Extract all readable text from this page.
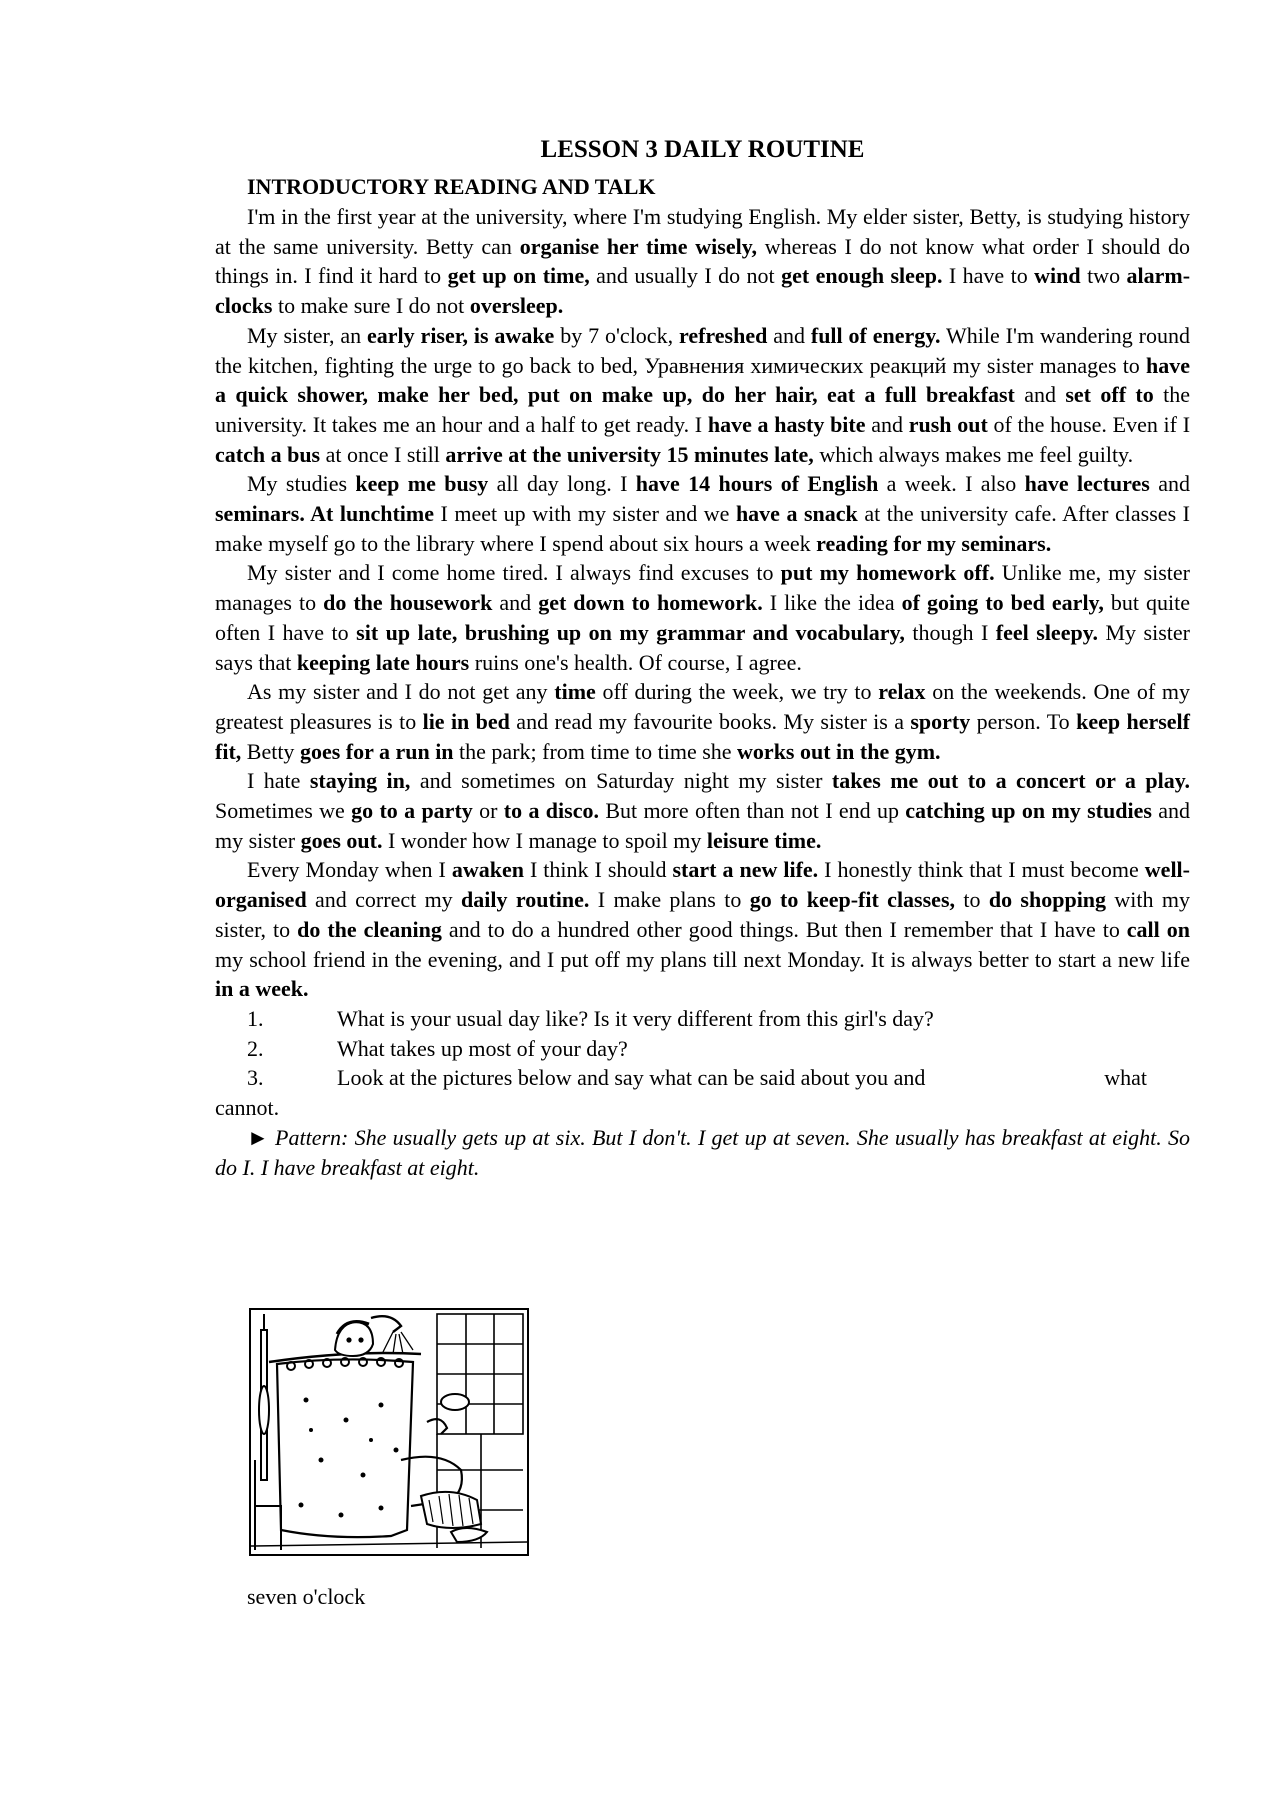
LESSON 3 DAILY ROUTINE
INTRODUCTORY READING AND TALK

I'm in the first year at the university, where I'm studying English. My elder sister, Betty, is studying history at the same university. Betty can organise her time wisely, whereas I do not know what order I should do things in. I find it hard to get up on time, and usually I do not get enough sleep. I have to wind two alarm-clocks to make sure I do not oversleep.

My sister, an early riser, is awake by 7 o'clock, refreshed and full of energy. While I'm wandering round the kitchen, fighting the urge to go back to bed, Уравнения химических реакций my sister manages to have a quick shower, make her bed, put on make up, do her hair, eat a full breakfast and set off to the university. It takes me an hour and a half to get ready. I have a hasty bite and rush out of the house. Even if I catch a bus at once I still arrive at the university 15 minutes late, which always makes me feel guilty.

My studies keep me busy all day long. I have 14 hours of English a week. I also have lectures and seminars. At lunchtime I meet up with my sister and we have a snack at the university cafe. After classes I make myself go to the library where I spend about six hours a week reading for my seminars.

My sister and I come home tired. I always find excuses to put my homework off. Unlike me, my sister manages to do the housework and get down to homework. I like the idea of going to bed early, but quite often I have to sit up late, brushing up on my grammar and vocabulary, though I feel sleepy. My sister says that keeping late hours ruins one's health. Of course, I agree.

As my sister and I do not get any time off during the week, we try to relax on the weekends. One of my greatest pleasures is to lie in bed and read my favourite books. My sister is a sporty person. To keep herself fit, Betty goes for a run in the park; from time to time she works out in the gym.

I hate staying in, and sometimes on Saturday night my sister takes me out to a concert or a play. Sometimes we go to a party or to a disco. But more often than not I end up catching up on my studies and my sister goes out. I wonder how I manage to spoil my leisure time.

Every Monday when I awaken I think I should start a new life. I honestly think that I must become well-organised and correct my daily routine. I make plans to go to keep-fit classes, to do shopping with my sister, to do the cleaning and to do a hundred other good things. But then I remember that I have to call on my school friend in the evening, and I put off my plans till next Monday. It is always better to start a new life in a week.

1.	What is your usual day like? Is it very different from this girl's day?
2.	What takes up most of your day?
3.	Look at the pictures below and say what can be said about you and	what
cannot.

► Pattern: She usually gets up at six. But I don't. I get up at seven. She usually has breakfast at eight. So do I. I have breakfast at eight.

seven o'clock
